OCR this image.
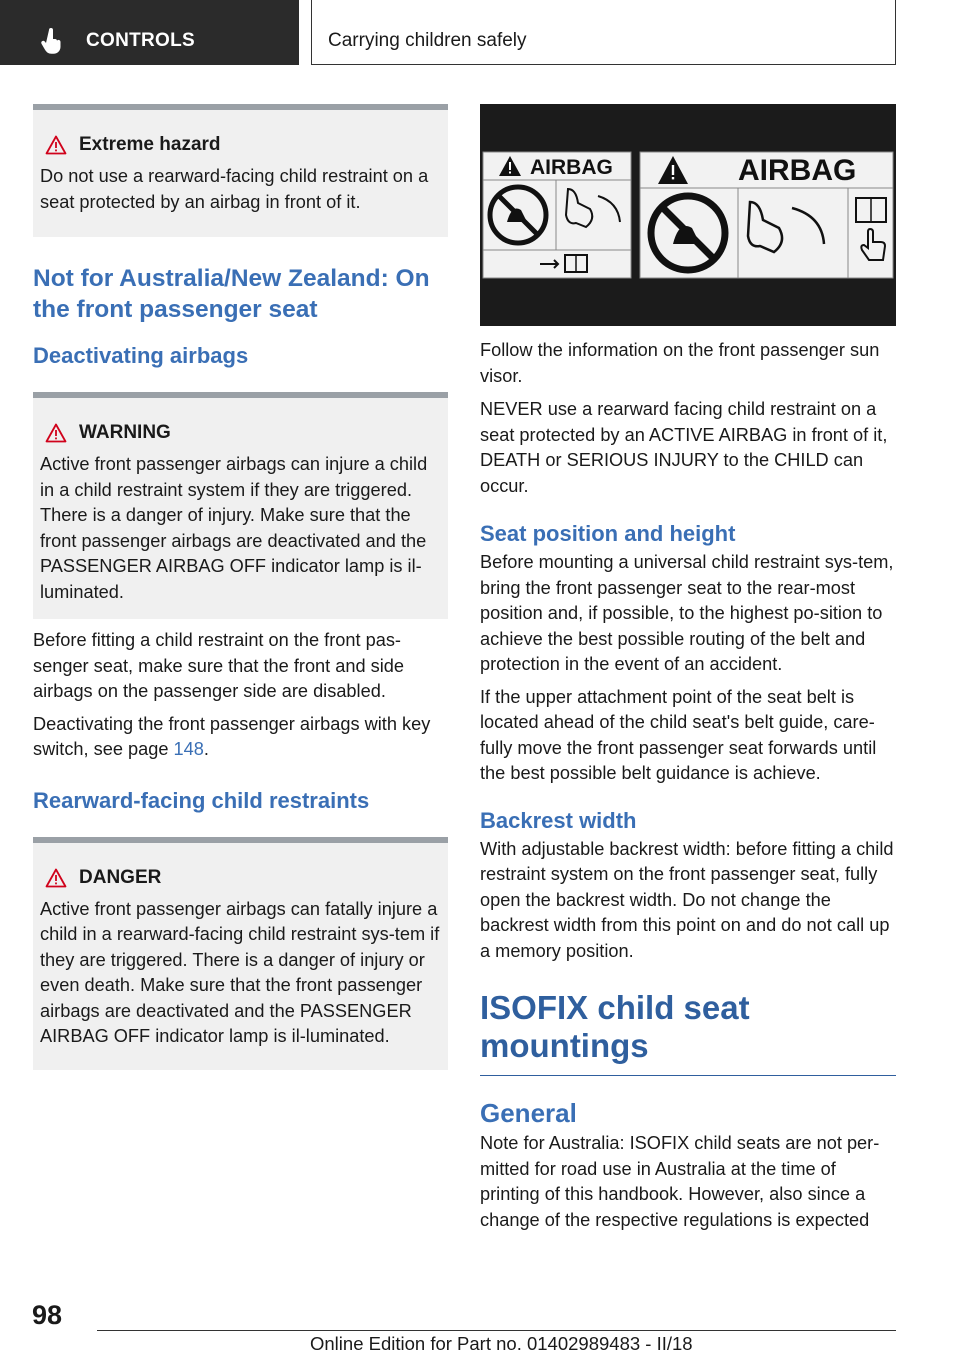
CONTROLS	Carrying children safely
Extreme hazard

Do not use a rearward-facing child restraint on a seat protected by an airbag in front of it.

Not for Australia/New Zealand: On the front passenger seat
Deactivating airbags
WARNING

Active front passenger airbags can injure a child in a child restraint system if they are triggered. There is a danger of injury. Make sure that the front passenger airbags are deactivated and the PASSENGER AIRBAG OFF indicator lamp is il-luminated.

Before fitting a child restraint on the front pas-senger seat, make sure that the front and side airbags on the passenger side are disabled.

Deactivating the front passenger airbags with key switch, see page 148.

Rearward-facing child restraints
DANGER

Active front passenger airbags can fatally injure a child in a rearward-facing child restraint sys-tem if they are triggered. There is a danger of injury or even death. Make sure that the front passenger airbags are deactivated and the PASSENGER AIRBAG OFF indicator lamp is il-luminated.

AIRBAG	AIRBAG

Follow the information on the front passenger sun visor.

NEVER use a rearward facing child restraint on a seat protected by an ACTIVE AIRBAG in front of it, DEATH or SERIOUS INJURY to the CHILD can occur.

Seat position and height

Before mounting a universal child restraint sys-tem, bring the front passenger seat to the rear-most position and, if possible, to the highest po-sition to achieve the best possible routing of the belt and protection in the event of an accident.

If the upper attachment point of the seat belt is located ahead of the child seat's belt guide, care-fully move the front passenger seat forwards until the best possible belt guidance is achieve.

Backrest width

With adjustable backrest width: before fitting a child restraint system on the front passenger seat, fully open the backrest width. Do not change the backrest width from this point on and do not call up a memory position.

ISOFIX child seat mountings
General

Note for Australia: ISOFIX child seats are not per-mitted for road use in Australia at the time of printing of this handbook. However, also since a change of the respective regulations is expected

98
Online Edition for Part no. 01402989483 - II/18
